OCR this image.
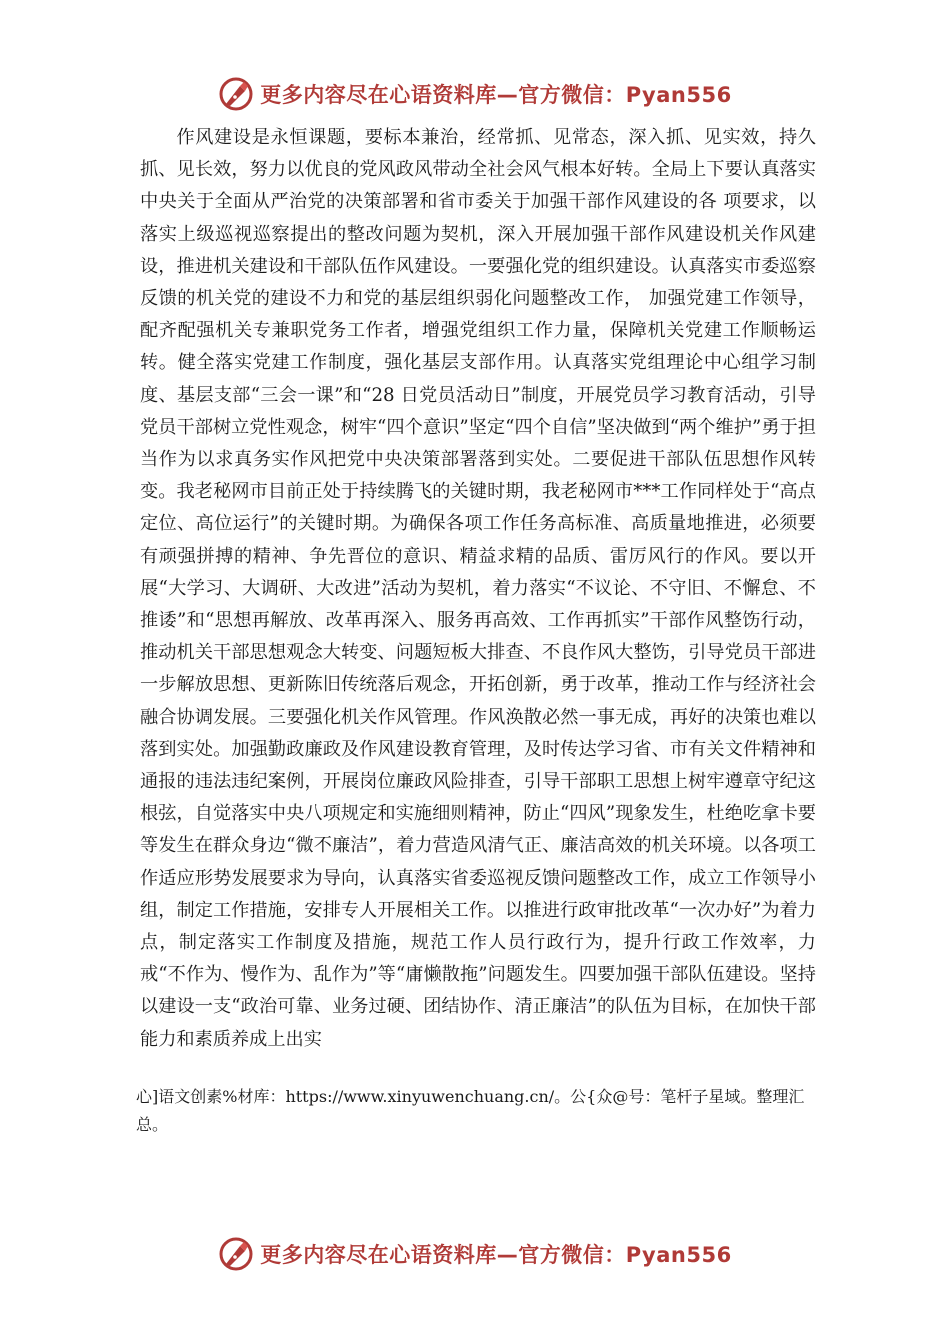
更多内容尽在心语资料库—官方微信：Pyan556

作风建设是永恒课题，要标本兼治，经常抓、见常态，深入抓、见实效，持久抓、见长效，努力以优良的党风政风带动全社会风气根本好转。全局上下要认真落实中央关于全面从严治党的决策部署和省市委关于加强干部作风建设的各 项要求，以落实上级巡视巡察提出的整改问题为契机，深入开展加强干部作风建设机关作风建设，推进机关建设和干部队伍作风建设。一要强化党的组织建设。认真落实市委巡察反馈的机关党的建设不力和党的基层组织弱化问题整改工作， 加强党建工作领导，配齐配强机关专兼职党务工作者，增强党组织工作力量，保障机关党建工作顺畅运转。健全落实党建工作制度，强化基层支部作用。认真落实党组理论中心组学习制度、基层支部“三会一课”和“28 日党员活动日”制度，开展党员学习教育活动，引导党员干部树立党性观念，树牢“四个意识”坚定“四个自信”坚决做到“两个维护”勇于担当作为以求真务实作风把党中央决策部署落到实处。二要促进干部队伍思想作风转变。我老秘网市目前正处于持续腾飞的关键时期，我老秘网市***工作同样处于“高点定位、高位运行”的关键时期。为确保各项工作任务高标准、高质量地推进，必须要有顽强拼搏的精神、争先晋位的意识、精益求精的品质、雷厉风行的作风。要以开展“大学习、大调研、大改进”活动为契机，着力落实“不议论、不守旧、不懈怠、不推诿”和“思想再解放、改革再深入、服务再高效、工作再抓实”干部作风整饬行动，推动机关干部思想观念大转变、问题短板大排查、不良作风大整饬，引导党员干部进一步解放思想、更新陈旧传统落后观念，开拓创新，勇于改革，推动工作与经济社会融合协调发展。三要强化机关作风管理。作风涣散必然一事无成，再好的决策也难以落到实处。加强勤政廉政及作风建设教育管理，及时传达学习省、市有关文件精神和通报的违法违纪案例，开展岗位廉政风险排查，引导干部职工思想上树牢遵章守纪这根弦，自觉落实中央八项规定和实施细则精神，防止“四风”现象发生，杜绝吃拿卡要等发生在群众身边“微不廉洁”，着力营造风清气正、廉洁高效的机关环境。以各项工作适应形势发展要求为导向，认真落实省委巡视反馈问题整改工作，成立工作领导小组，制定工作措施，安排专人开展相关工作。以推进行政审批改革“一次办好”为着力点，制定落实工作制度及措施，规范工作人员行政行为，提升行政工作效率，力戒“不作为、慢作为、乱作为”等“庸懒散拖”问题发生。四要加强干部队伍建设。坚持以建设一支“政治可靠、业务过硬、团结协作、清正廉洁”的队伍为目标，在加快干部能力和素质养成上出实

心]语文创素%材库：https://www.xinyuwenchuang.cn/。公{众@号：笔杆子星域。整理汇总。

更多内容尽在心语资料库—官方微信：Pyan556
